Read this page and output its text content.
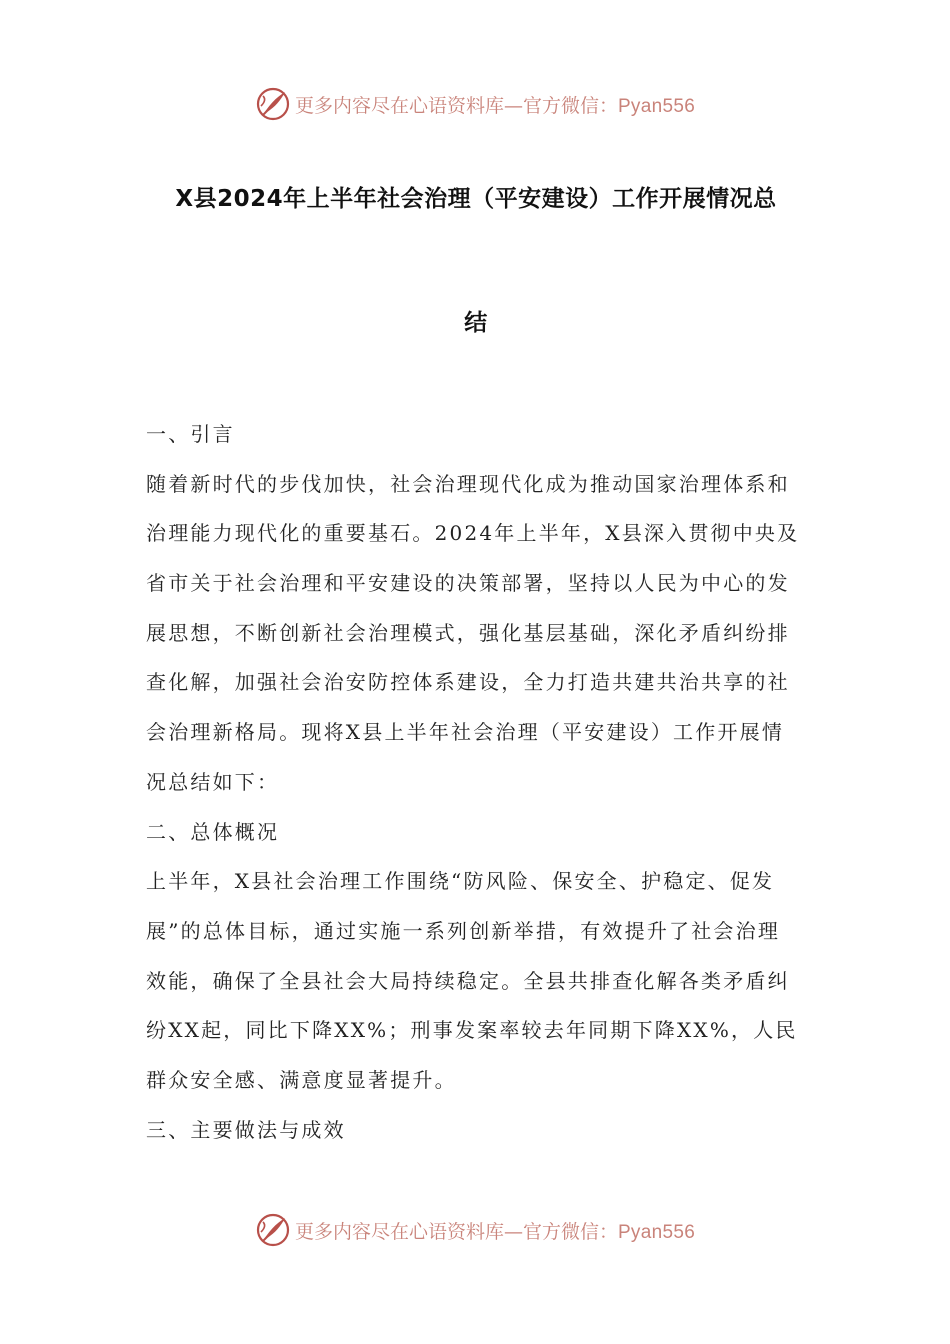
更多内容尽在心语资料库—官方微信：Pyan556
X县2024年上半年社会治理（平安建设）工作开展情况总
结
一、引言
随着新时代的步伐加快，社会治理现代化成为推动国家治理体系和
治理能力现代化的重要基石。2024年上半年，X县深入贯彻中央及
省市关于社会治理和平安建设的决策部署，坚持以人民为中心的发
展思想，不断创新社会治理模式，强化基层基础，深化矛盾纠纷排
查化解，加强社会治安防控体系建设，全力打造共建共治共享的社
会治理新格局。现将X县上半年社会治理（平安建设）工作开展情
况总结如下：
二、总体概况
上半年，X县社会治理工作围绕“防风险、保安全、护稳定、促发
展”的总体目标，通过实施一系列创新举措，有效提升了社会治理
效能，确保了全县社会大局持续稳定。全县共排查化解各类矛盾纠
纷XX起，同比下降XX%；刑事发案率较去年同期下降XX%，人民
群众安全感、满意度显著提升。
三、主要做法与成效
更多内容尽在心语资料库—官方微信：Pyan556
